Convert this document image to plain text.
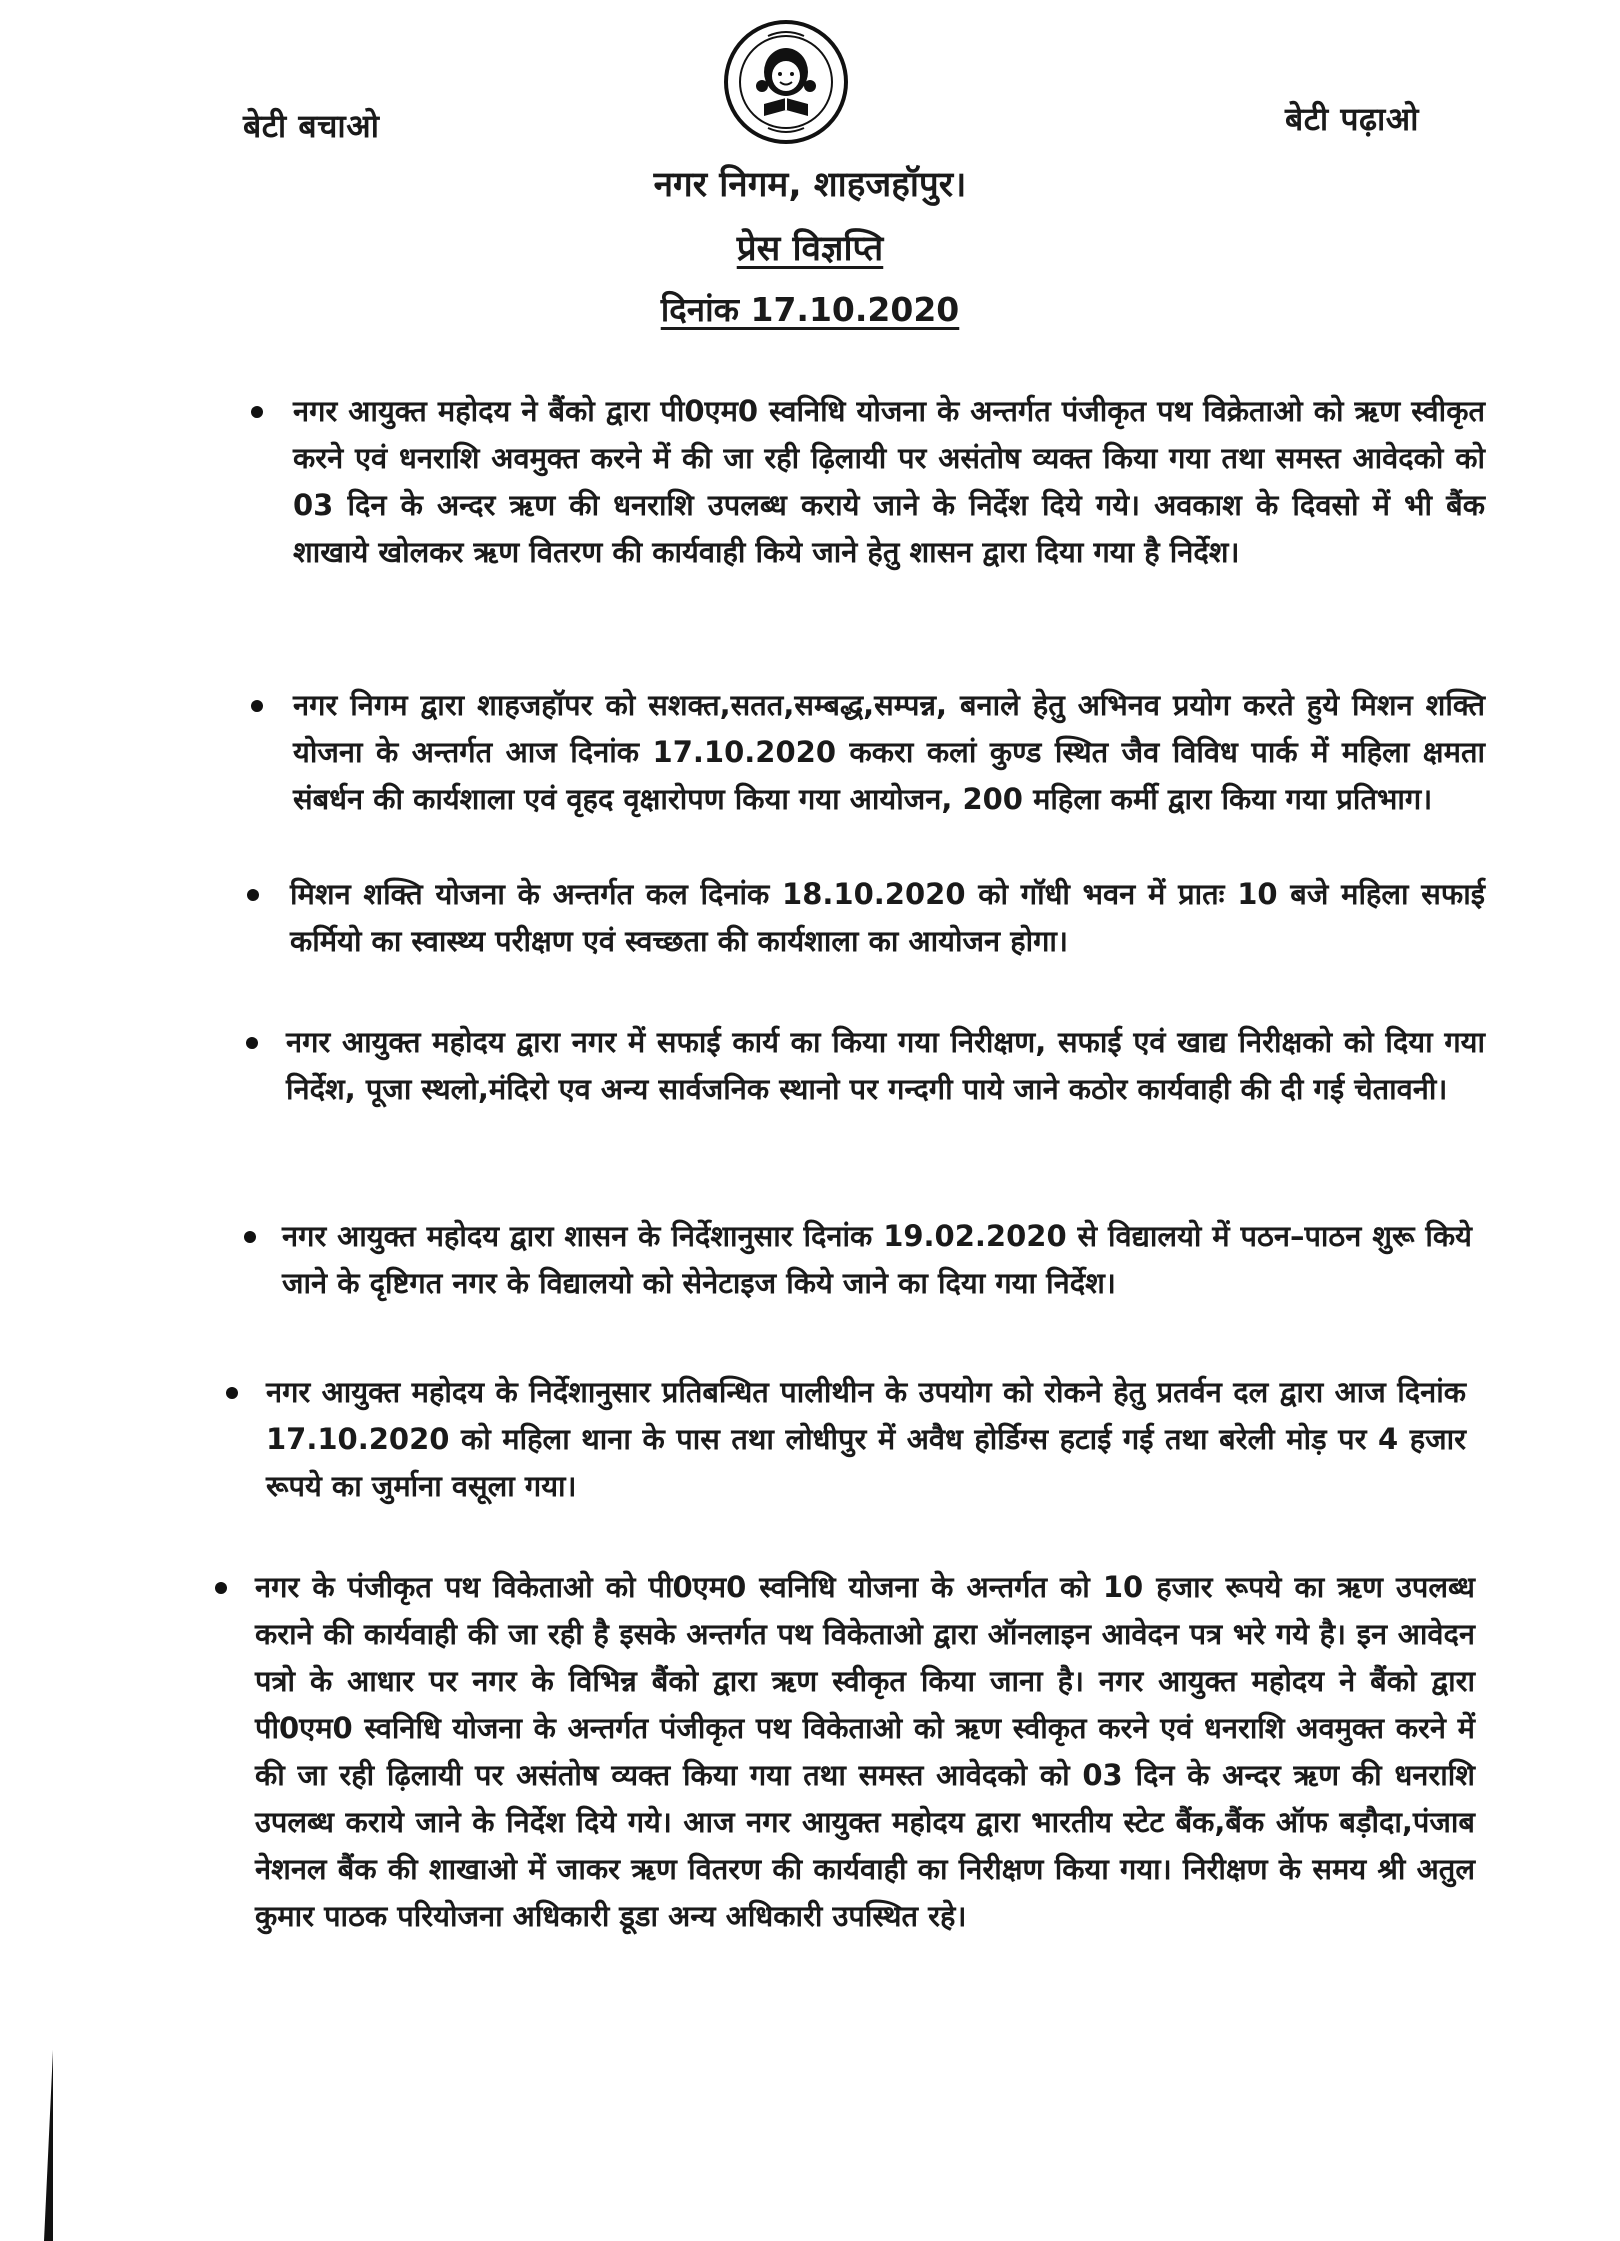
बेटी बचाओ	बेटी पढ़ाओ
नगर निगम, शाहजहॉपुर।
प्रेस विज्ञप्ति
दिनांक 17.10.2020
नगर आयुक्त महोदय ने बैंको द्वारा पी0एम0 स्वनिधि योजना के अन्तर्गत पंजीकृत पथ विक्रेताओ को ऋण स्वीकृत करने एवं धनराशि अवमुक्त करने में की जा रही ढ़िलायी पर असंतोष व्यक्त किया गया तथा समस्त आवेदको को 03 दिन के अन्दर ऋण की धनराशि उपलब्ध कराये जाने के निर्देश दिये गये। अवकाश के दिवसो में भी बैंक शाखाये खोलकर ऋण वितरण की कार्यवाही किये जाने हेतु शासन द्वारा दिया गया है निर्देश।
नगर निगम द्वारा शाहजहॉपर को सशक्त,सतत,सम्बद्ध,सम्पन्न, बनाले हेतु अभिनव प्रयोग करते हुये मिशन शक्ति योजना के अन्तर्गत आज दिनांक 17.10.2020 ककरा कलां कुण्ड स्थित जैव विविध पार्क में महिला क्षमता संबर्धन की कार्यशाला एवं वृहद वृक्षारोपण किया गया आयोजन, 200 महिला कर्मी द्वारा किया गया प्रतिभाग।
मिशन शक्ति योजना के अन्तर्गत कल दिनांक 18.10.2020 को गॉधी भवन में प्रातः 10 बजे महिला सफाई कर्मियो का स्वास्थ्य परीक्षण एवं स्वच्छता की कार्यशाला का आयोजन होगा।
नगर आयुक्त महोदय द्वारा नगर में सफाई कार्य का किया गया निरीक्षण, सफाई एवं खाद्य निरीक्षको को दिया गया निर्देश, पूजा स्थलो,मंदिरो एव अन्य सार्वजनिक स्थानो पर गन्दगी पाये जाने कठोर कार्यवाही की दी गई चेतावनी।
नगर आयुक्त महोदय द्वारा शासन के निर्देशानुसार दिनांक 19.02.2020 से विद्यालयो में पठन–पाठन शुरू किये जाने के दृष्टिगत नगर के विद्यालयो को सेनेटाइज किये जाने का दिया गया निर्देश।
नगर आयुक्त महोदय के निर्देशानुसार प्रतिबन्धित पालीथीन के उपयोग को रोकने हेतु प्रतर्वन दल द्वारा आज दिनांक 17.10.2020 को महिला थाना के पास तथा लोधीपुर में अवैध होर्डिग्स हटाई गई तथा बरेली मोड़ पर 4 हजार रूपये का जुर्माना वसूला गया।
नगर के पंजीकृत पथ विकेताओ को पी0एम0 स्वनिधि योजना के अन्तर्गत को 10 हजार रूपये का ऋण उपलब्ध कराने की कार्यवाही की जा रही है इसके अन्तर्गत पथ विकेताओ द्वारा ऑनलाइन आवेदन पत्र भरे गये है। इन आवेदन पत्रो के आधार पर नगर के विभिन्न बैंको द्वारा ऋण स्वीकृत किया जाना है। नगर आयुक्त महोदय ने बैंको द्वारा पी0एम0 स्वनिधि योजना के अन्तर्गत पंजीकृत पथ विकेताओ को ऋण स्वीकृत करने एवं धनराशि अवमुक्त करने में की जा रही ढ़िलायी पर असंतोष व्यक्त किया गया तथा समस्त आवेदको को 03 दिन के अन्दर ऋण की धनराशि उपलब्ध कराये जाने के निर्देश दिये गये। आज नगर आयुक्त महोदय द्वारा भारतीय स्टेट बैंक,बैंक ऑफ बड़ौदा,पंजाब नेशनल बैंक की शाखाओ में जाकर ऋण वितरण की कार्यवाही का निरीक्षण किया गया। निरीक्षण के समय श्री अतुल कुमार पाठक परियोजना अधिकारी डूडा अन्य अधिकारी उपस्थित रहे।
